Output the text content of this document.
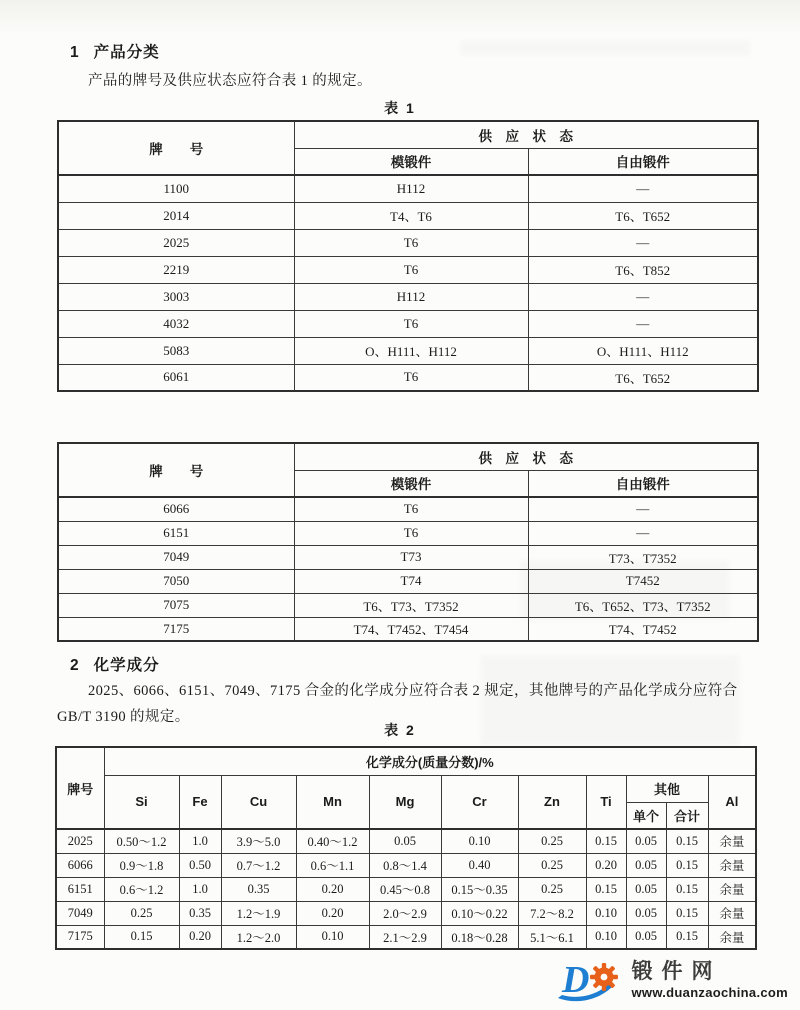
1 产品分类
产品的牌号及供应状态应符合表 1 的规定。
表 1
牌　　号	供　应　状　态	
	模锻件	自由锻件
1100	H112	—
2014	T4、T6	T6、T652
2025	T6	—
2219	T6	T6、T852
3003	H112	—
4032	T6	—
5083	O、H111、H112	O、H111、H112
6061	T6	T6、T652
牌　　号	供　应　状　态	
	模锻件	自由锻件
6066	T6	—
6151	T6	—
7049	T73	T73、T7352
7050	T74	T7452
7075	T6、T73、T7352	T6、T652、T73、T7352
7175	T74、T7452、T7454	T74、T7452
2 化学成分
2025、6066、6151、7049、7175 合金的化学成分应符合表 2 规定，其他牌号的产品化学成分应符合
GB/T 3190 的规定。
表 2
牌号	化学成分(质量分数)/%										
	Si	Fe	Cu	Mn	Mg	Cr	Zn	Ti	其他		Al
									单个	合计	
2025	0.50～1.2	1.0	3.9～5.0	0.40～1.2	0.05	0.10	0.25	0.15	0.05	0.15	余量
6066	0.9～1.8	0.50	0.7～1.2	0.6～1.1	0.8～1.4	0.40	0.25	0.20	0.05	0.15	余量
6151	0.6～1.2	1.0	0.35	0.20	0.45～0.8	0.15～0.35	0.25	0.15	0.05	0.15	余量
7049	0.25	0.35	1.2～1.9	0.20	2.0～2.9	0.10～0.22	7.2～8.2	0.10	0.05	0.15	余量
7175	0.15	0.20	1.2～2.0	0.10	2.1～2.9	0.18～0.28	5.1～6.1	0.10	0.05	0.15	余量
D 锻件网
www.duanzaochina.com
